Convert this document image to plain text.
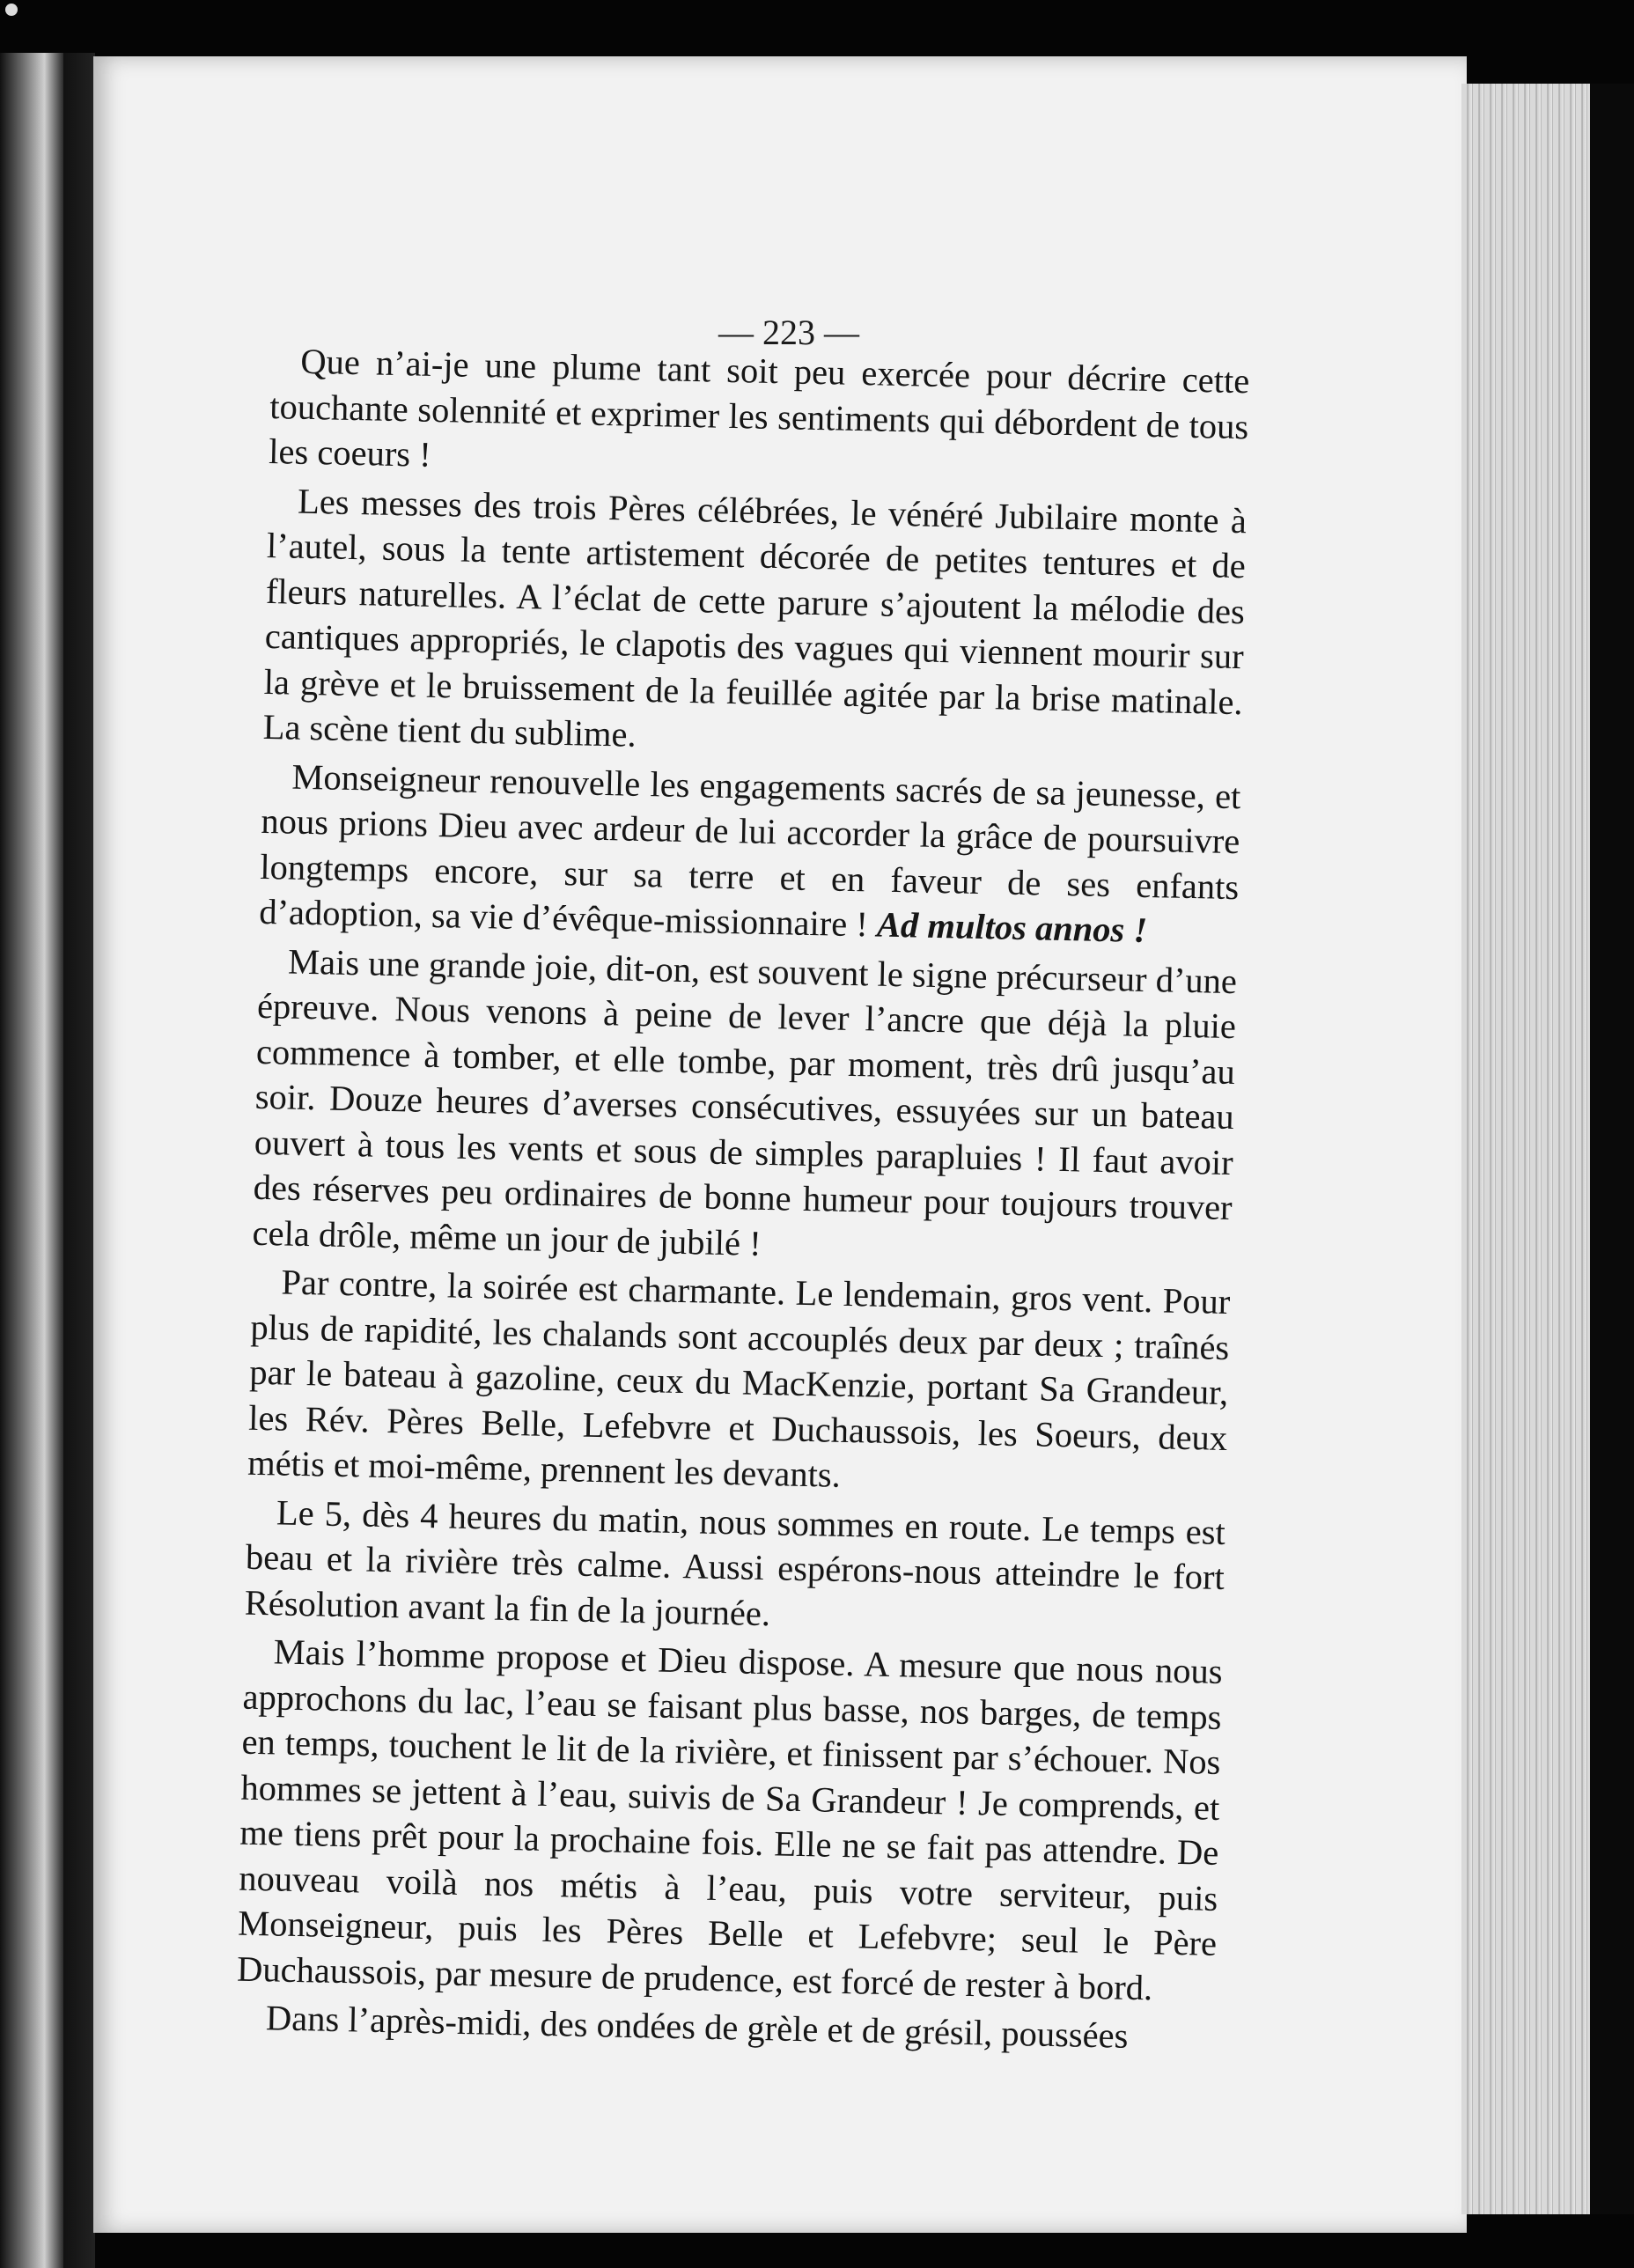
— 223 —

Que n’ai-je une plume tant soit peu exercée pour décrire cette touchante solennité et exprimer les sentiments qui débordent de tous les coeurs !

Les messes des trois Pères célébrées, le vénéré Jubilaire monte à l’autel, sous la tente artistement décorée de petites tentures et de fleurs naturelles. A l’éclat de cette parure s’ajoutent la mélodie des cantiques appropriés, le clapotis des vagues qui viennent mourir sur la grève et le bruissement de la feuillée agitée par la brise matinale. La scène tient du sublime.

Monseigneur renouvelle les engagements sacrés de sa jeunesse, et nous prions Dieu avec ardeur de lui accorder la grâce de poursuivre longtemps encore, sur sa terre et en faveur de ses enfants d’adoption, sa vie d’évêque-missionnaire ! Ad multos annos !

Mais une grande joie, dit-on, est souvent le signe précurseur d’une épreuve. Nous venons à peine de lever l’ancre que déjà la pluie commence à tomber, et elle tombe, par moment, très drû jusqu’au soir. Douze heures d’averses consécutives, essuyées sur un bateau ouvert à tous les vents et sous de simples parapluies ! Il faut avoir des réserves peu ordinaires de bonne humeur pour toujours trouver cela drôle, même un jour de jubilé !

Par contre, la soirée est charmante. Le lendemain, gros vent. Pour plus de rapidité, les chalands sont accouplés deux par deux ; traînés par le bateau à gazoline, ceux du MacKenzie, portant Sa Grandeur, les Rév. Pères Belle, Lefebvre et Duchaussois, les Soeurs, deux métis et moi-même, prennent les devants.

Le 5, dès 4 heures du matin, nous sommes en route. Le temps est beau et la rivière très calme. Aussi espérons-nous atteindre le fort Résolution avant la fin de la journée.

Mais l’homme propose et Dieu dispose. A mesure que nous nous approchons du lac, l’eau se faisant plus basse, nos barges, de temps en temps, touchent le lit de la rivière, et finissent par s’échouer. Nos hommes se jettent à l’eau, suivis de Sa Grandeur ! Je comprends, et me tiens prêt pour la prochaine fois. Elle ne se fait pas attendre. De nouveau voilà nos métis à l’eau, puis votre serviteur, puis Monseigneur, puis les Pères Belle et Lefebvre; seul le Père Duchaussois, par mesure de prudence, est forcé de rester à bord.

Dans l’après-midi, des ondées de grèle et de grésil, poussées
